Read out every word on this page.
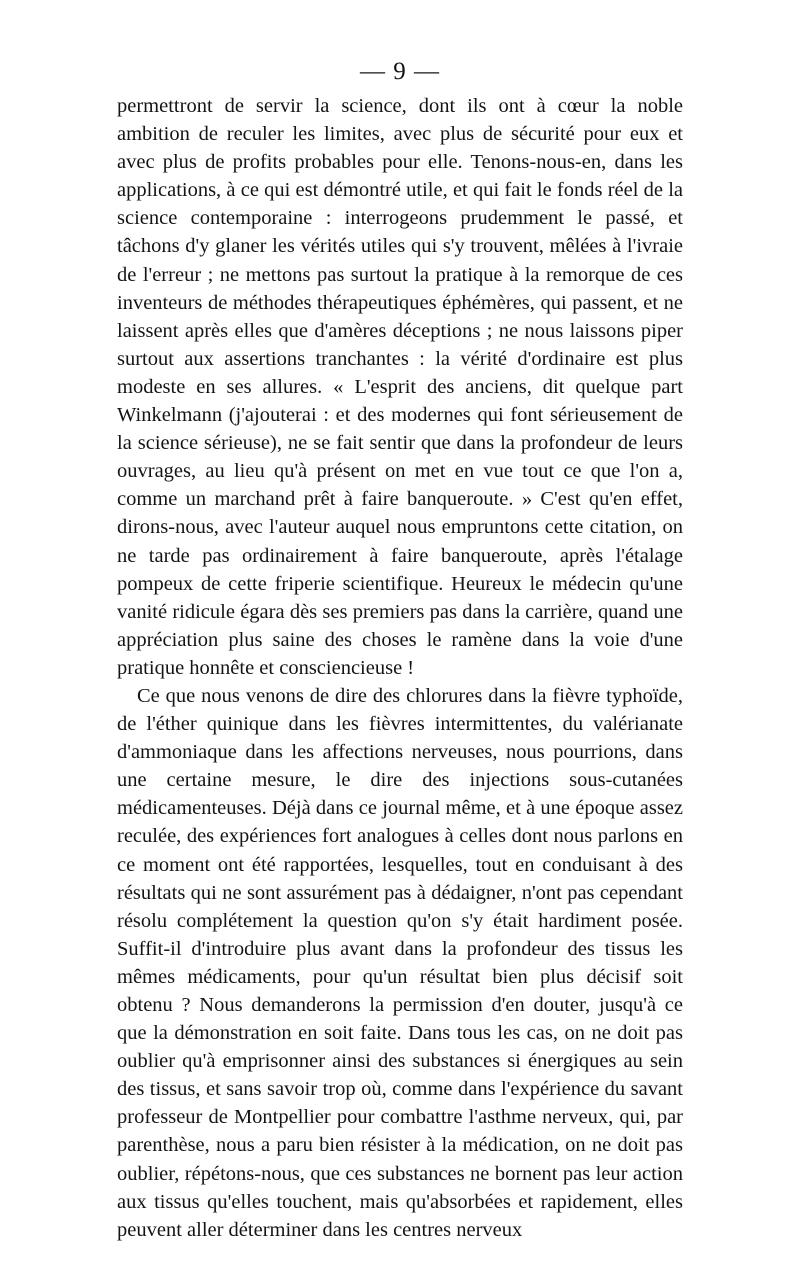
— 9 —

permettront de servir la science, dont ils ont à cœur la noble ambition de reculer les limites, avec plus de sécurité pour eux et avec plus de profits probables pour elle. Tenons-nous-en, dans les applications, à ce qui est démontré utile, et qui fait le fonds réel de la science contemporaine : interrogeons prudemment le passé, et tâchons d'y glaner les vérités utiles qui s'y trouvent, mêlées à l'ivraie de l'erreur ; ne mettons pas surtout la pratique à la remorque de ces inventeurs de méthodes thérapeutiques éphémères, qui passent, et ne laissent après elles que d'amères déceptions ; ne nous laissons piper surtout aux assertions tranchantes : la vérité d'ordinaire est plus modeste en ses allures. « L'esprit des anciens, dit quelque part Winkelmann (j'ajouterai : et des modernes qui font sérieusement de la science sérieuse), ne se fait sentir que dans la profondeur de leurs ouvrages, au lieu qu'à présent on met en vue tout ce que l'on a, comme un marchand prêt à faire banqueroute. » C'est qu'en effet, dirons-nous, avec l'auteur auquel nous empruntons cette citation, on ne tarde pas ordinairement à faire banqueroute, après l'étalage pompeux de cette friperie scientifique. Heureux le médecin qu'une vanité ridicule égara dès ses premiers pas dans la carrière, quand une appréciation plus saine des choses le ramène dans la voie d'une pratique honnête et consciencieuse !

Ce que nous venons de dire des chlorures dans la fièvre typhoïde, de l'éther quinique dans les fièvres intermittentes, du valérianate d'ammoniaque dans les affections nerveuses, nous pourrions, dans une certaine mesure, le dire des injections sous-cutanées médicamenteuses. Déjà dans ce journal même, et à une époque assez reculée, des expériences fort analogues à celles dont nous parlons en ce moment ont été rapportées, lesquelles, tout en conduisant à des résultats qui ne sont assurément pas à dédaigner, n'ont pas cependant résolu complétement la question qu'on s'y était hardiment posée. Suffit-il d'introduire plus avant dans la profondeur des tissus les mêmes médicaments, pour qu'un résultat bien plus décisif soit obtenu ? Nous demanderons la permission d'en douter, jusqu'à ce que la démonstration en soit faite. Dans tous les cas, on ne doit pas oublier qu'à emprisonner ainsi des substances si énergiques au sein des tissus, et sans savoir trop où, comme dans l'expérience du savant professeur de Montpellier pour combattre l'asthme nerveux, qui, par parenthèse, nous a paru bien résister à la médication, on ne doit pas oublier, répétons-nous, que ces substances ne bornent pas leur action aux tissus qu'elles touchent, mais qu'absorbées et rapidement, elles peuvent aller déterminer dans les centres nerveux
